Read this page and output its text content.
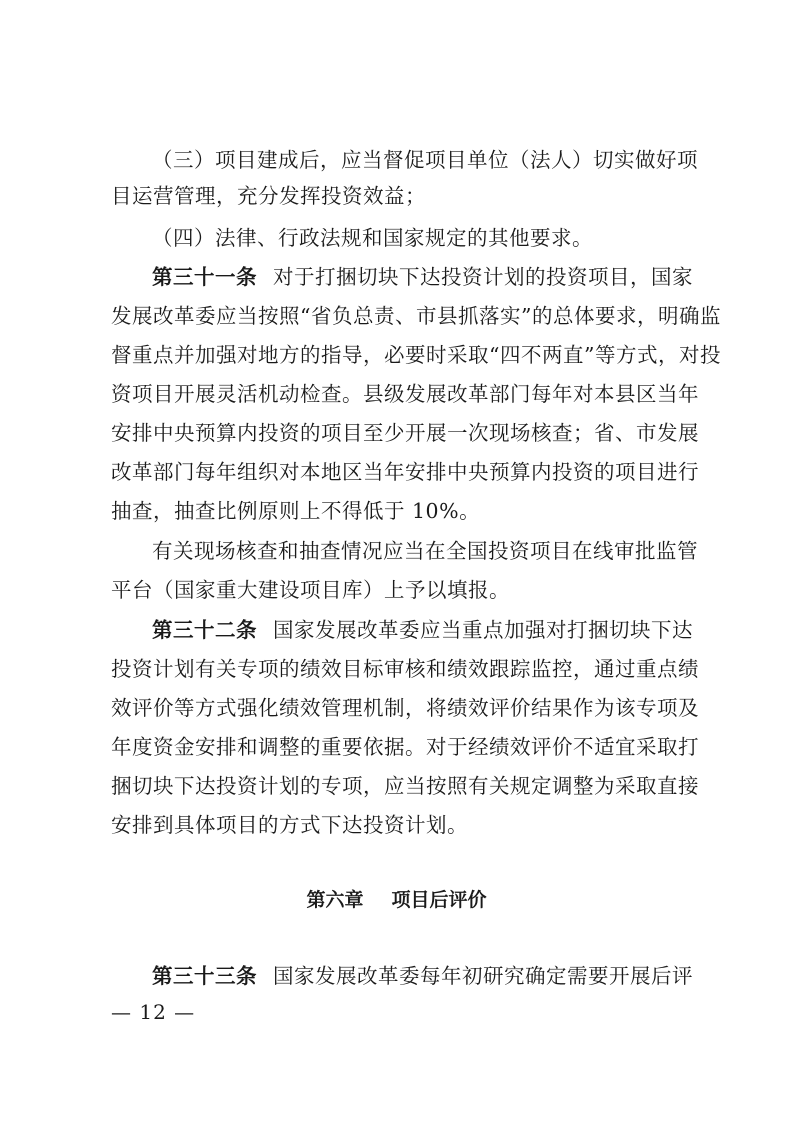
（三）项目建成后，应当督促项目单位（法人）切实做好项
目运营管理，充分发挥投资效益；
（四）法律、行政法规和国家规定的其他要求。
第三十一条 对于打捆切块下达投资计划的投资项目，国家
发展改革委应当按照“省负总责、市县抓落实”的总体要求，明确监
督重点并加强对地方的指导，必要时采取“四不两直”等方式，对投
资项目开展灵活机动检查。县级发展改革部门每年对本县区当年
安排中央预算内投资的项目至少开展一次现场核查；省、市发展
改革部门每年组织对本地区当年安排中央预算内投资的项目进行
抽查，抽查比例原则上不得低于 10%。
有关现场核查和抽查情况应当在全国投资项目在线审批监管
平台（国家重大建设项目库）上予以填报。
第三十二条 国家发展改革委应当重点加强对打捆切块下达
投资计划有关专项的绩效目标审核和绩效跟踪监控，通过重点绩
效评价等方式强化绩效管理机制，将绩效评价结果作为该专项及
年度资金安排和调整的重要依据。对于经绩效评价不适宜采取打
捆切块下达投资计划的专项，应当按照有关规定调整为采取直接
安排到具体项目的方式下达投资计划。
第六章 项目后评价
第三十三条 国家发展改革委每年初研究确定需要开展后评
— 12 —
